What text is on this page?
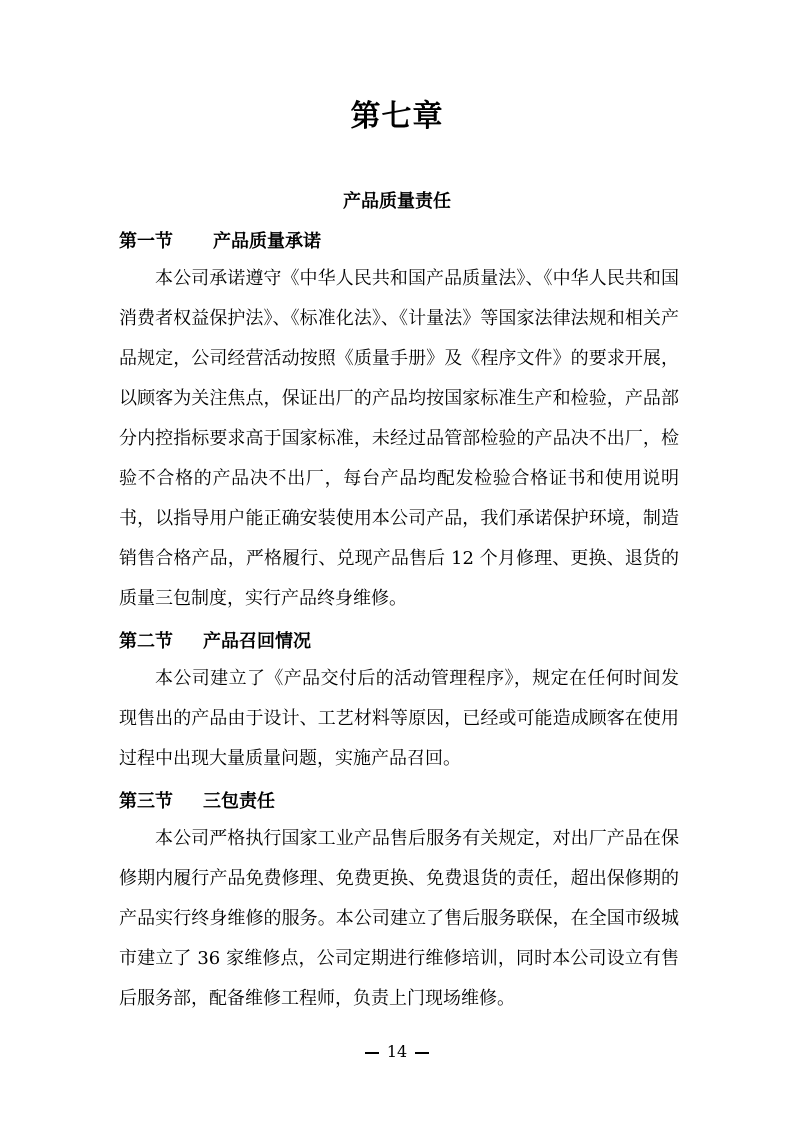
第七章
产品质量责任
第一节	产品质量承诺
本公司承诺遵守《中华人民共和国产品质量法》、《中华人民共和国消费者权益保护法》、《标准化法》、《计量法》等国家法律法规和相关产品规定，公司经营活动按照《质量手册》及《程序文件》的要求开展，以顾客为关注焦点，保证出厂的产品均按国家标准生产和检验，产品部分内控指标要求高于国家标准，未经过品管部检验的产品决不出厂，检验不合格的产品决不出厂，每台产品均配发检验合格证书和使用说明书，以指导用户能正确安装使用本公司产品，我们承诺保护环境，制造销售合格产品，严格履行、兑现产品售后 12 个月修理、更换、退货的质量三包制度，实行产品终身维修。
第二节	产品召回情况
本公司建立了《产品交付后的活动管理程序》，规定在任何时间发现售出的产品由于设计、工艺材料等原因，已经或可能造成顾客在使用过程中出现大量质量问题，实施产品召回。
第三节	三包责任
本公司严格执行国家工业产品售后服务有关规定，对出厂产品在保修期内履行产品免费修理、免费更换、免费退货的责任，超出保修期的产品实行终身维修的服务。本公司建立了售后服务联保，在全国市级城市建立了 36 家维修点，公司定期进行维修培训，同时本公司设立有售后服务部，配备维修工程师，负责上门现场维修。
14
